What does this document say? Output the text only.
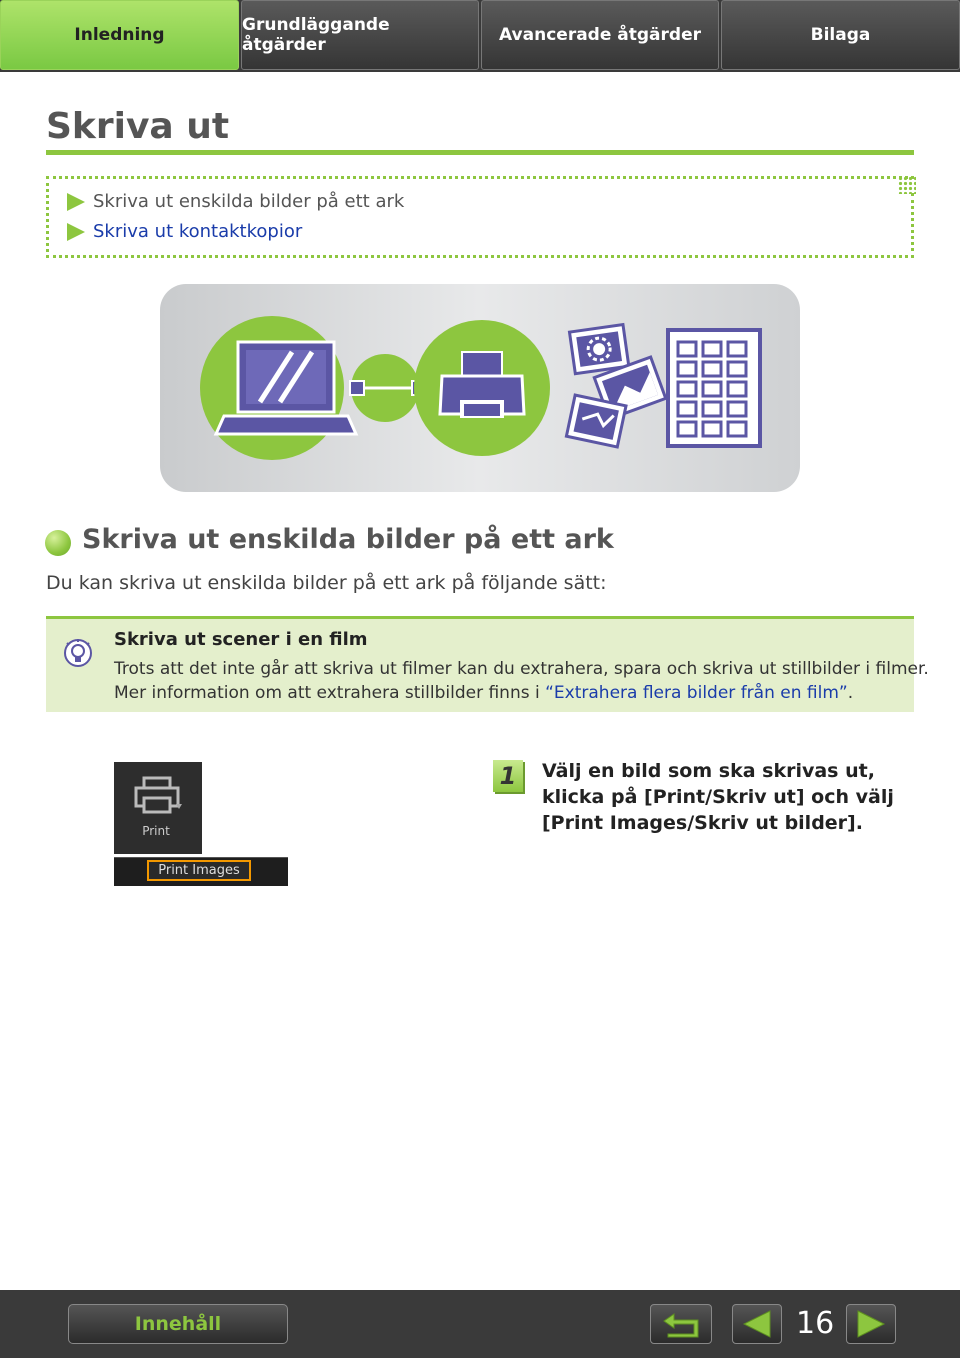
Inledning	Grundläggande åtgärder	Avancerade åtgärder	Bilaga
Skriva ut
Skriva ut enskilda bilder på ett ark
Skriva ut kontaktkopior
Skriva ut enskilda bilder på ett ark
Du kan skriva ut enskilda bilder på ett ark på följande sätt:
Skriva ut scener i en film
Trots att det inte går att skriva ut filmer kan du extrahera, spara och skriva ut stillbilder i filmer.
Mer information om att extrahera stillbilder finns i “Extrahera flera bilder från en film”.
Print
Print Images
1	Välj en bild som ska skrivas ut, klicka på [Print/Skriv ut] och välj [Print Images/Skriv ut bilder].
Innehåll	16
